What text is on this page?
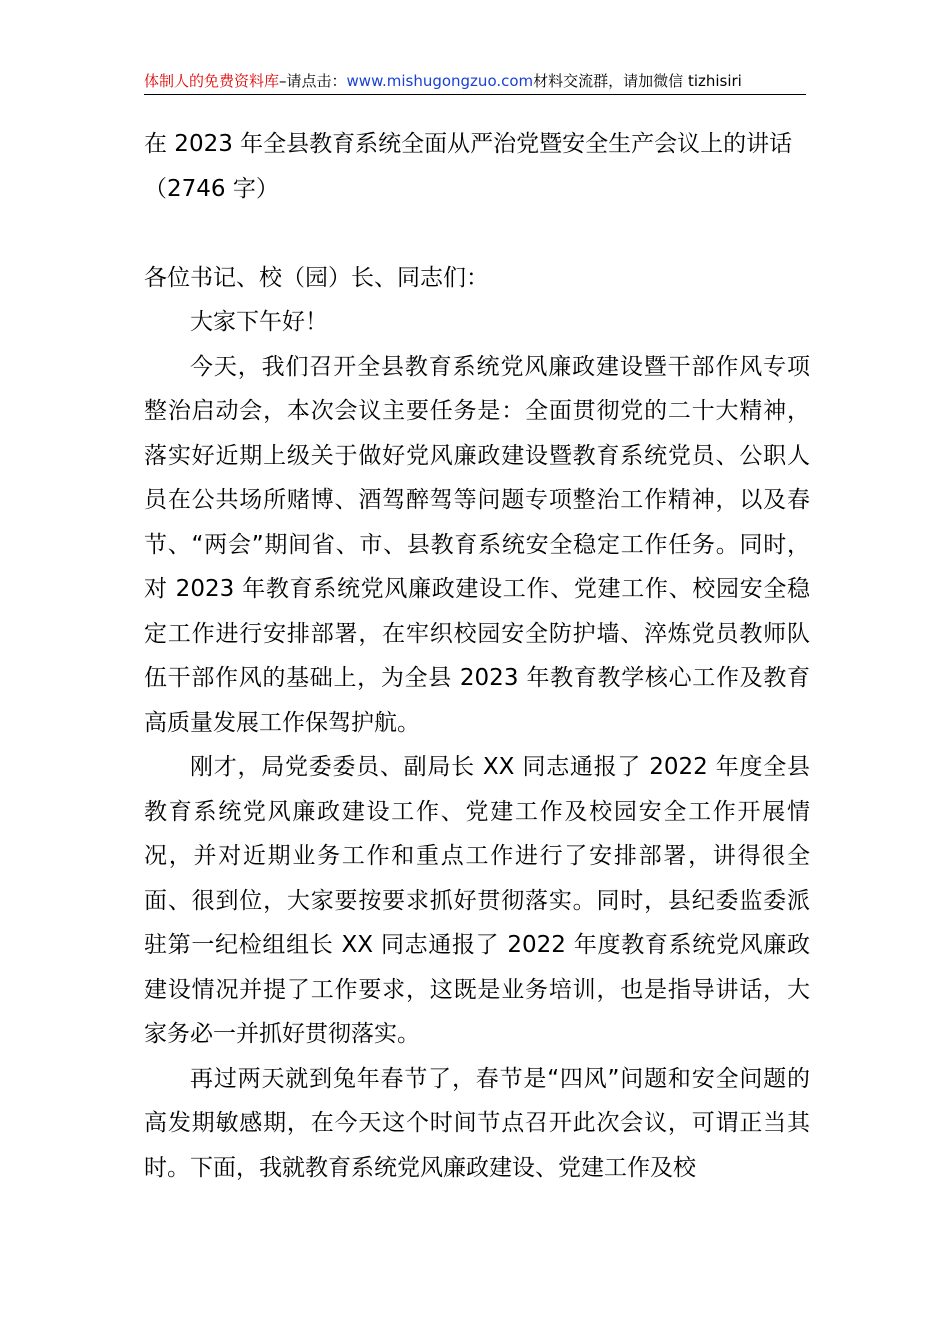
体制人的免费资料库–请点击：www.mishugongzuo.com材料交流群，请加微信 tizhisiri
在 2023 年全县教育系统全面从严治党暨安全生产会议上的讲话（2746 字）

各位书记、校（园）长、同志们：

大家下午好！

今天，我们召开全县教育系统党风廉政建设暨干部作风专项整治启动会，本次会议主要任务是：全面贯彻党的二十大精神，落实好近期上级关于做好党风廉政建设暨教育系统党员、公职人员在公共场所赌博、酒驾醉驾等问题专项整治工作精神，以及春节、“两会”期间省、市、县教育系统安全稳定工作任务。同时，对 2023 年教育系统党风廉政建设工作、党建工作、校园安全稳定工作进行安排部署，在牢织校园安全防护墙、淬炼党员教师队伍干部作风的基础上，为全县 2023 年教育教学核心工作及教育高质量发展工作保驾护航。

刚才，局党委委员、副局长 XX 同志通报了 2022 年度全县教育系统党风廉政建设工作、党建工作及校园安全工作开展情况，并对近期业务工作和重点工作进行了安排部署，讲得很全面、很到位，大家要按要求抓好贯彻落实。同时，县纪委监委派驻第一纪检组组长 XX 同志通报了 2022 年度教育系统党风廉政建设情况并提了工作要求，这既是业务培训，也是指导讲话，大家务必一并抓好贯彻落实。

再过两天就到兔年春节了，春节是“四风”问题和安全问题的高发期敏感期，在今天这个时间节点召开此次会议，可谓正当其时。下面，我就教育系统党风廉政建设、党建工作及校
